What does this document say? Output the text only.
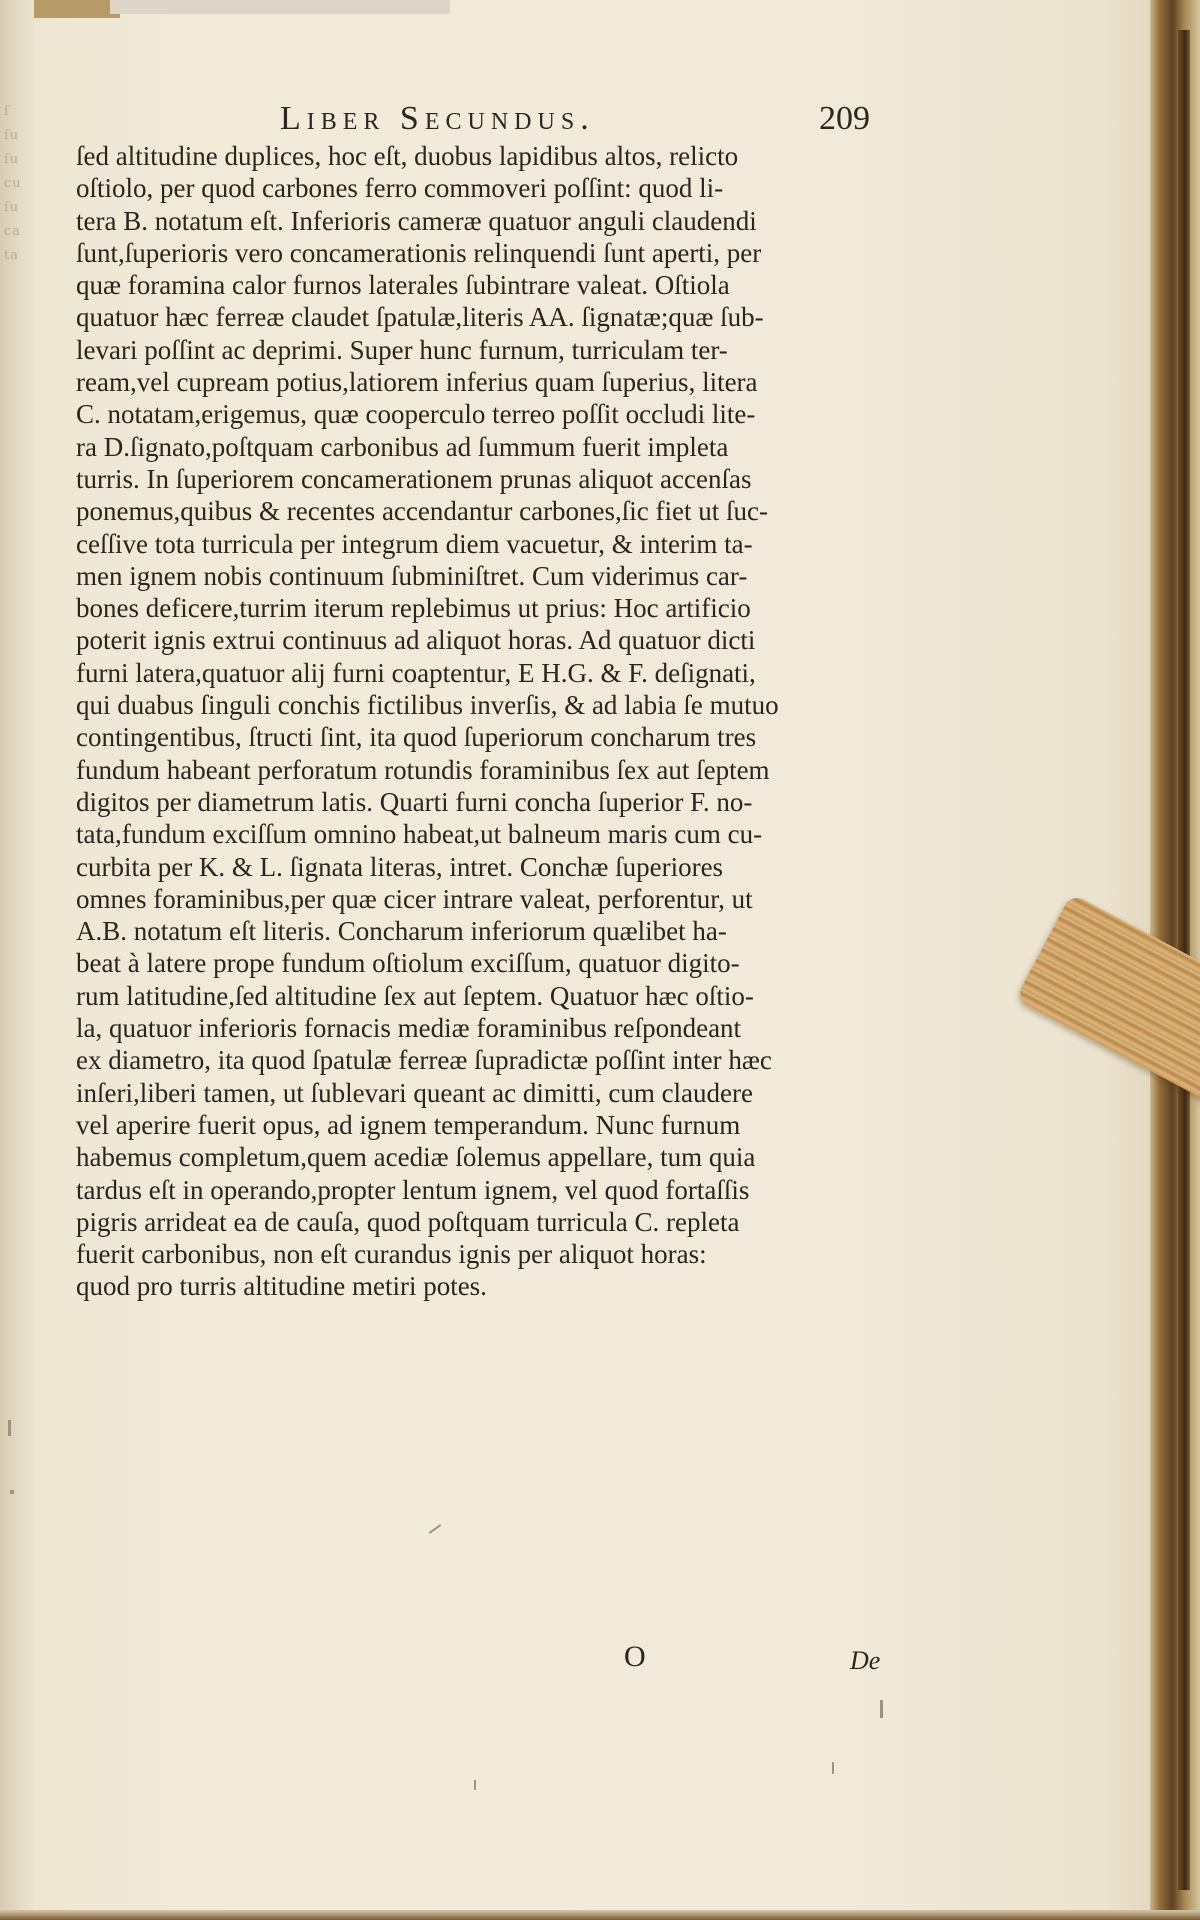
ſ
ſu
ſu
cu
ſu
ca
ta
Liber Secundus.	209
ſed altitudine duplices, hoc eſt, duobus lapidibus altos, relicto
oſtiolo, per quod carbones ferro commoveri poſſint: quod li-
tera B. notatum eſt. Inferioris cameræ quatuor anguli claudendi
ſunt,ſuperioris vero concamerationis relinquendi ſunt aperti, per
quæ foramina calor furnos laterales ſubintrare valeat. Oſtiola
quatuor hæc ferreæ claudet ſpatulæ,literis AA. ſignatæ;quæ ſub-
levari poſſint ac deprimi. Super hunc furnum, turriculam ter-
ream,vel cupream potius,latiorem inferius quam ſuperius, litera
C. notatam,erigemus, quæ cooperculo terreo poſſit occludi lite-
ra D.ſignato,poſtquam carbonibus ad ſummum fuerit impleta
turris. In ſuperiorem concamerationem prunas aliquot accenſas
ponemus,quibus & recentes accendantur carbones,ſic fiet ut ſuc-
ceſſive tota turricula per integrum diem vacuetur, & interim ta-
men ignem nobis continuum ſubminiſtret. Cum viderimus car-
bones deficere,turrim iterum replebimus ut prius: Hoc artificio
poterit ignis extrui continuus ad aliquot horas. Ad quatuor dicti
furni latera,quatuor alij furni coaptentur, E H.G. & F. deſignati,
qui duabus ſinguli conchis fictilibus inverſis, & ad labia ſe mutuo
contingentibus, ſtructi ſint, ita quod ſuperiorum concharum tres
fundum habeant perforatum rotundis foraminibus ſex aut ſeptem
digitos per diametrum latis. Quarti furni concha ſuperior F. no-
tata,fundum exciſſum omnino habeat,ut balneum maris cum cu-
curbita per K. & L. ſignata literas, intret. Conchæ ſuperiores
omnes foraminibus,per quæ cicer intrare valeat, perforentur, ut
A.B. notatum eſt literis. Concharum inferiorum quælibet ha-
beat à latere prope fundum oſtiolum exciſſum, quatuor digito-
rum latitudine,ſed altitudine ſex aut ſeptem. Quatuor hæc oſtio-
la, quatuor inferioris fornacis mediæ foraminibus reſpondeant
ex diametro, ita quod ſpatulæ ferreæ ſupradictæ poſſint inter hæc
inſeri,liberi tamen, ut ſublevari queant ac dimitti, cum claudere
vel aperire fuerit opus, ad ignem temperandum. Nunc furnum
habemus completum,quem acediæ ſolemus appellare, tum quia
tardus eſt in operando,propter lentum ignem, vel quod fortaſſis
pigris arrideat ea de cauſa, quod poſtquam turricula C. repleta
fuerit carbonibus, non eſt curandus ignis per aliquot horas:
quod pro turris altitudine metiri potes.
O	De
